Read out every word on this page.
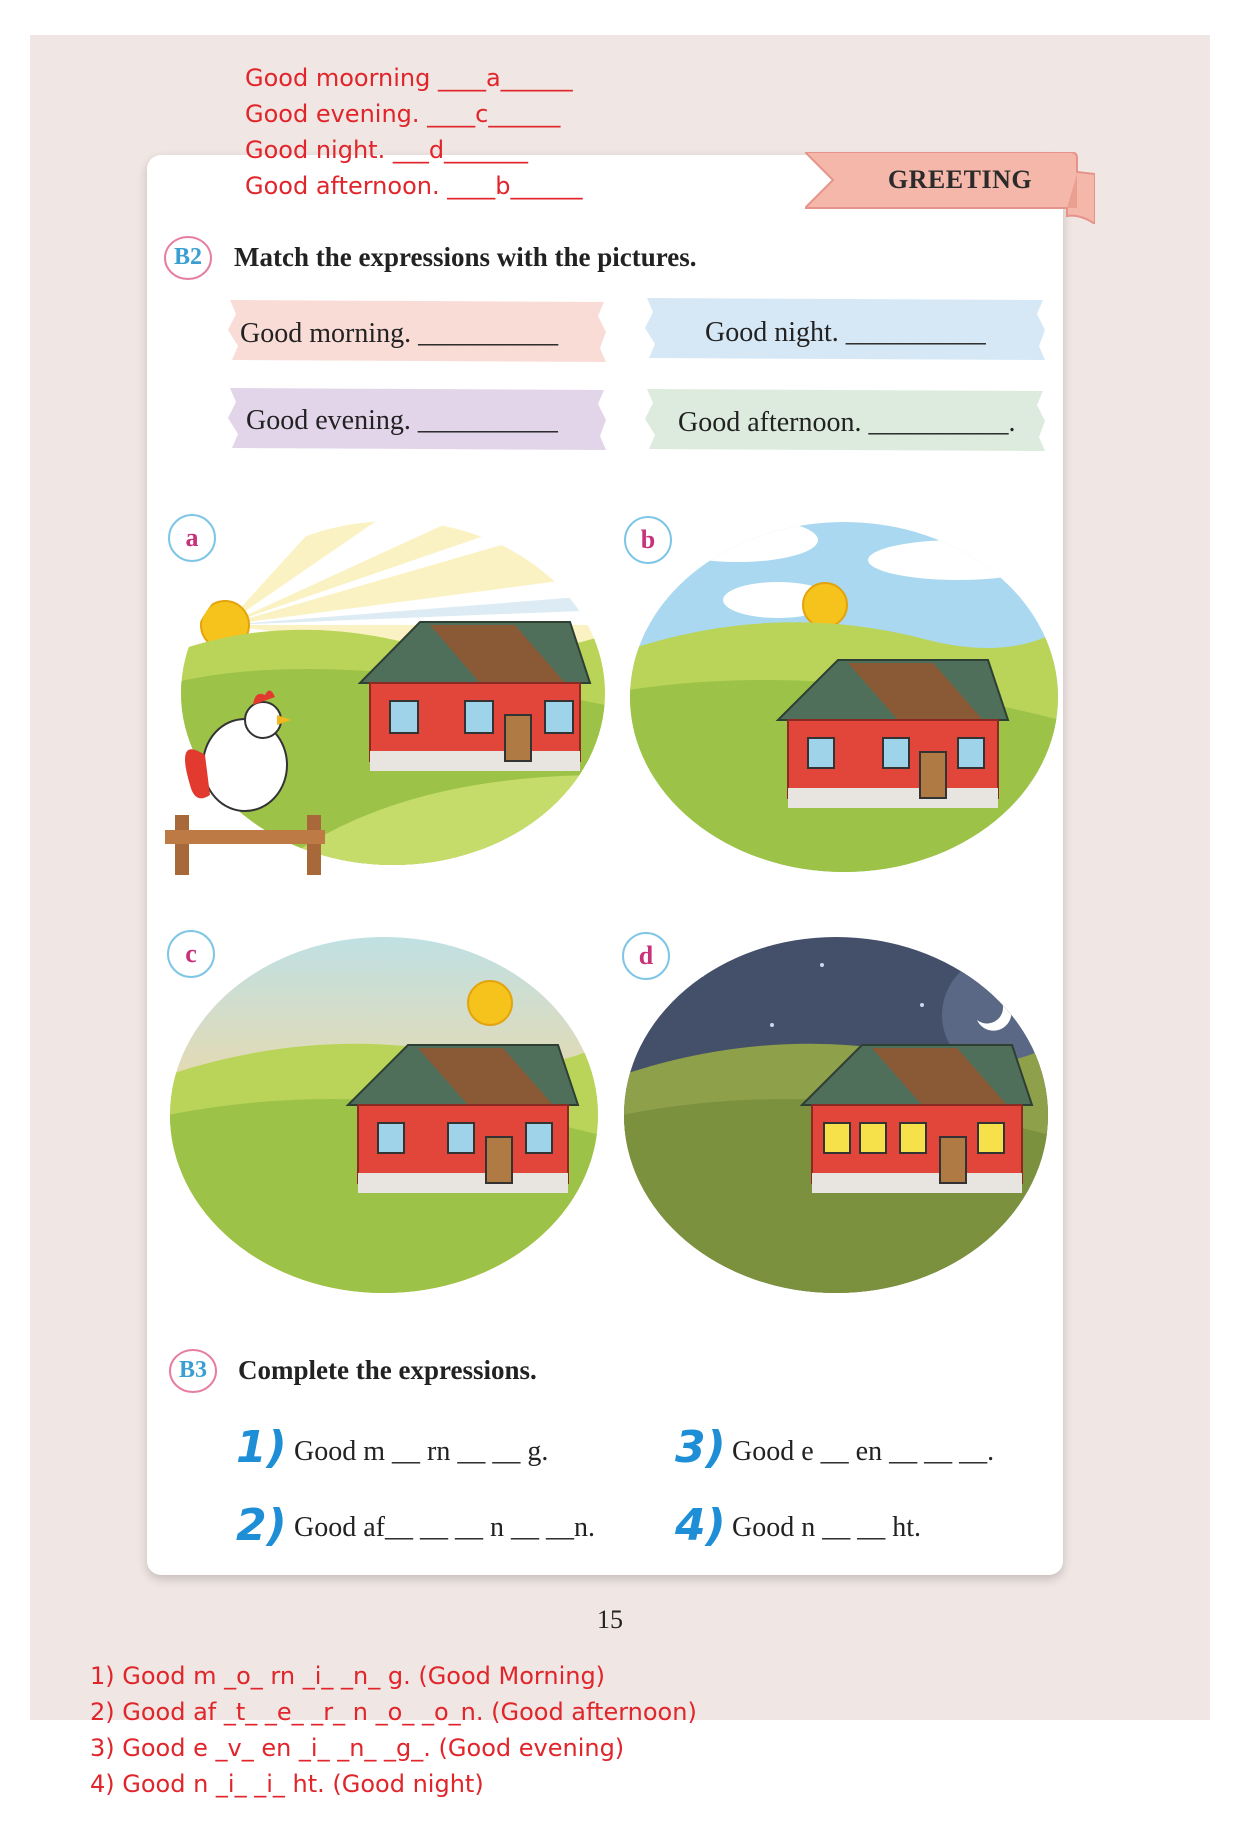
GREETING
Good moorning ____a______
Good evening. ____c______
Good night. ___d_______
Good afternoon. ____b______
B2	Match the expressions with the pictures.
Good morning. __________	Good night. __________
Good evening. __________	Good afternoon. __________.
a	b
c	d
B3	Complete the expressions.
1) Good m __ rn __ __ g.	3) Good e __ en __ __ __.
2) Good af__ __ __ n __ __n. 4) Good n __ __ ht.
15
1) Good m _o_ rn _i_ _n_ g. (Good Morning)
2) Good af _t_ _e_ _r_ n _o_ _o_n. (Good afternoon)
3) Good e _v_ en _i_ _n_ _g_. (Good evening)
4) Good n _i_ _i_ ht. (Good night)
